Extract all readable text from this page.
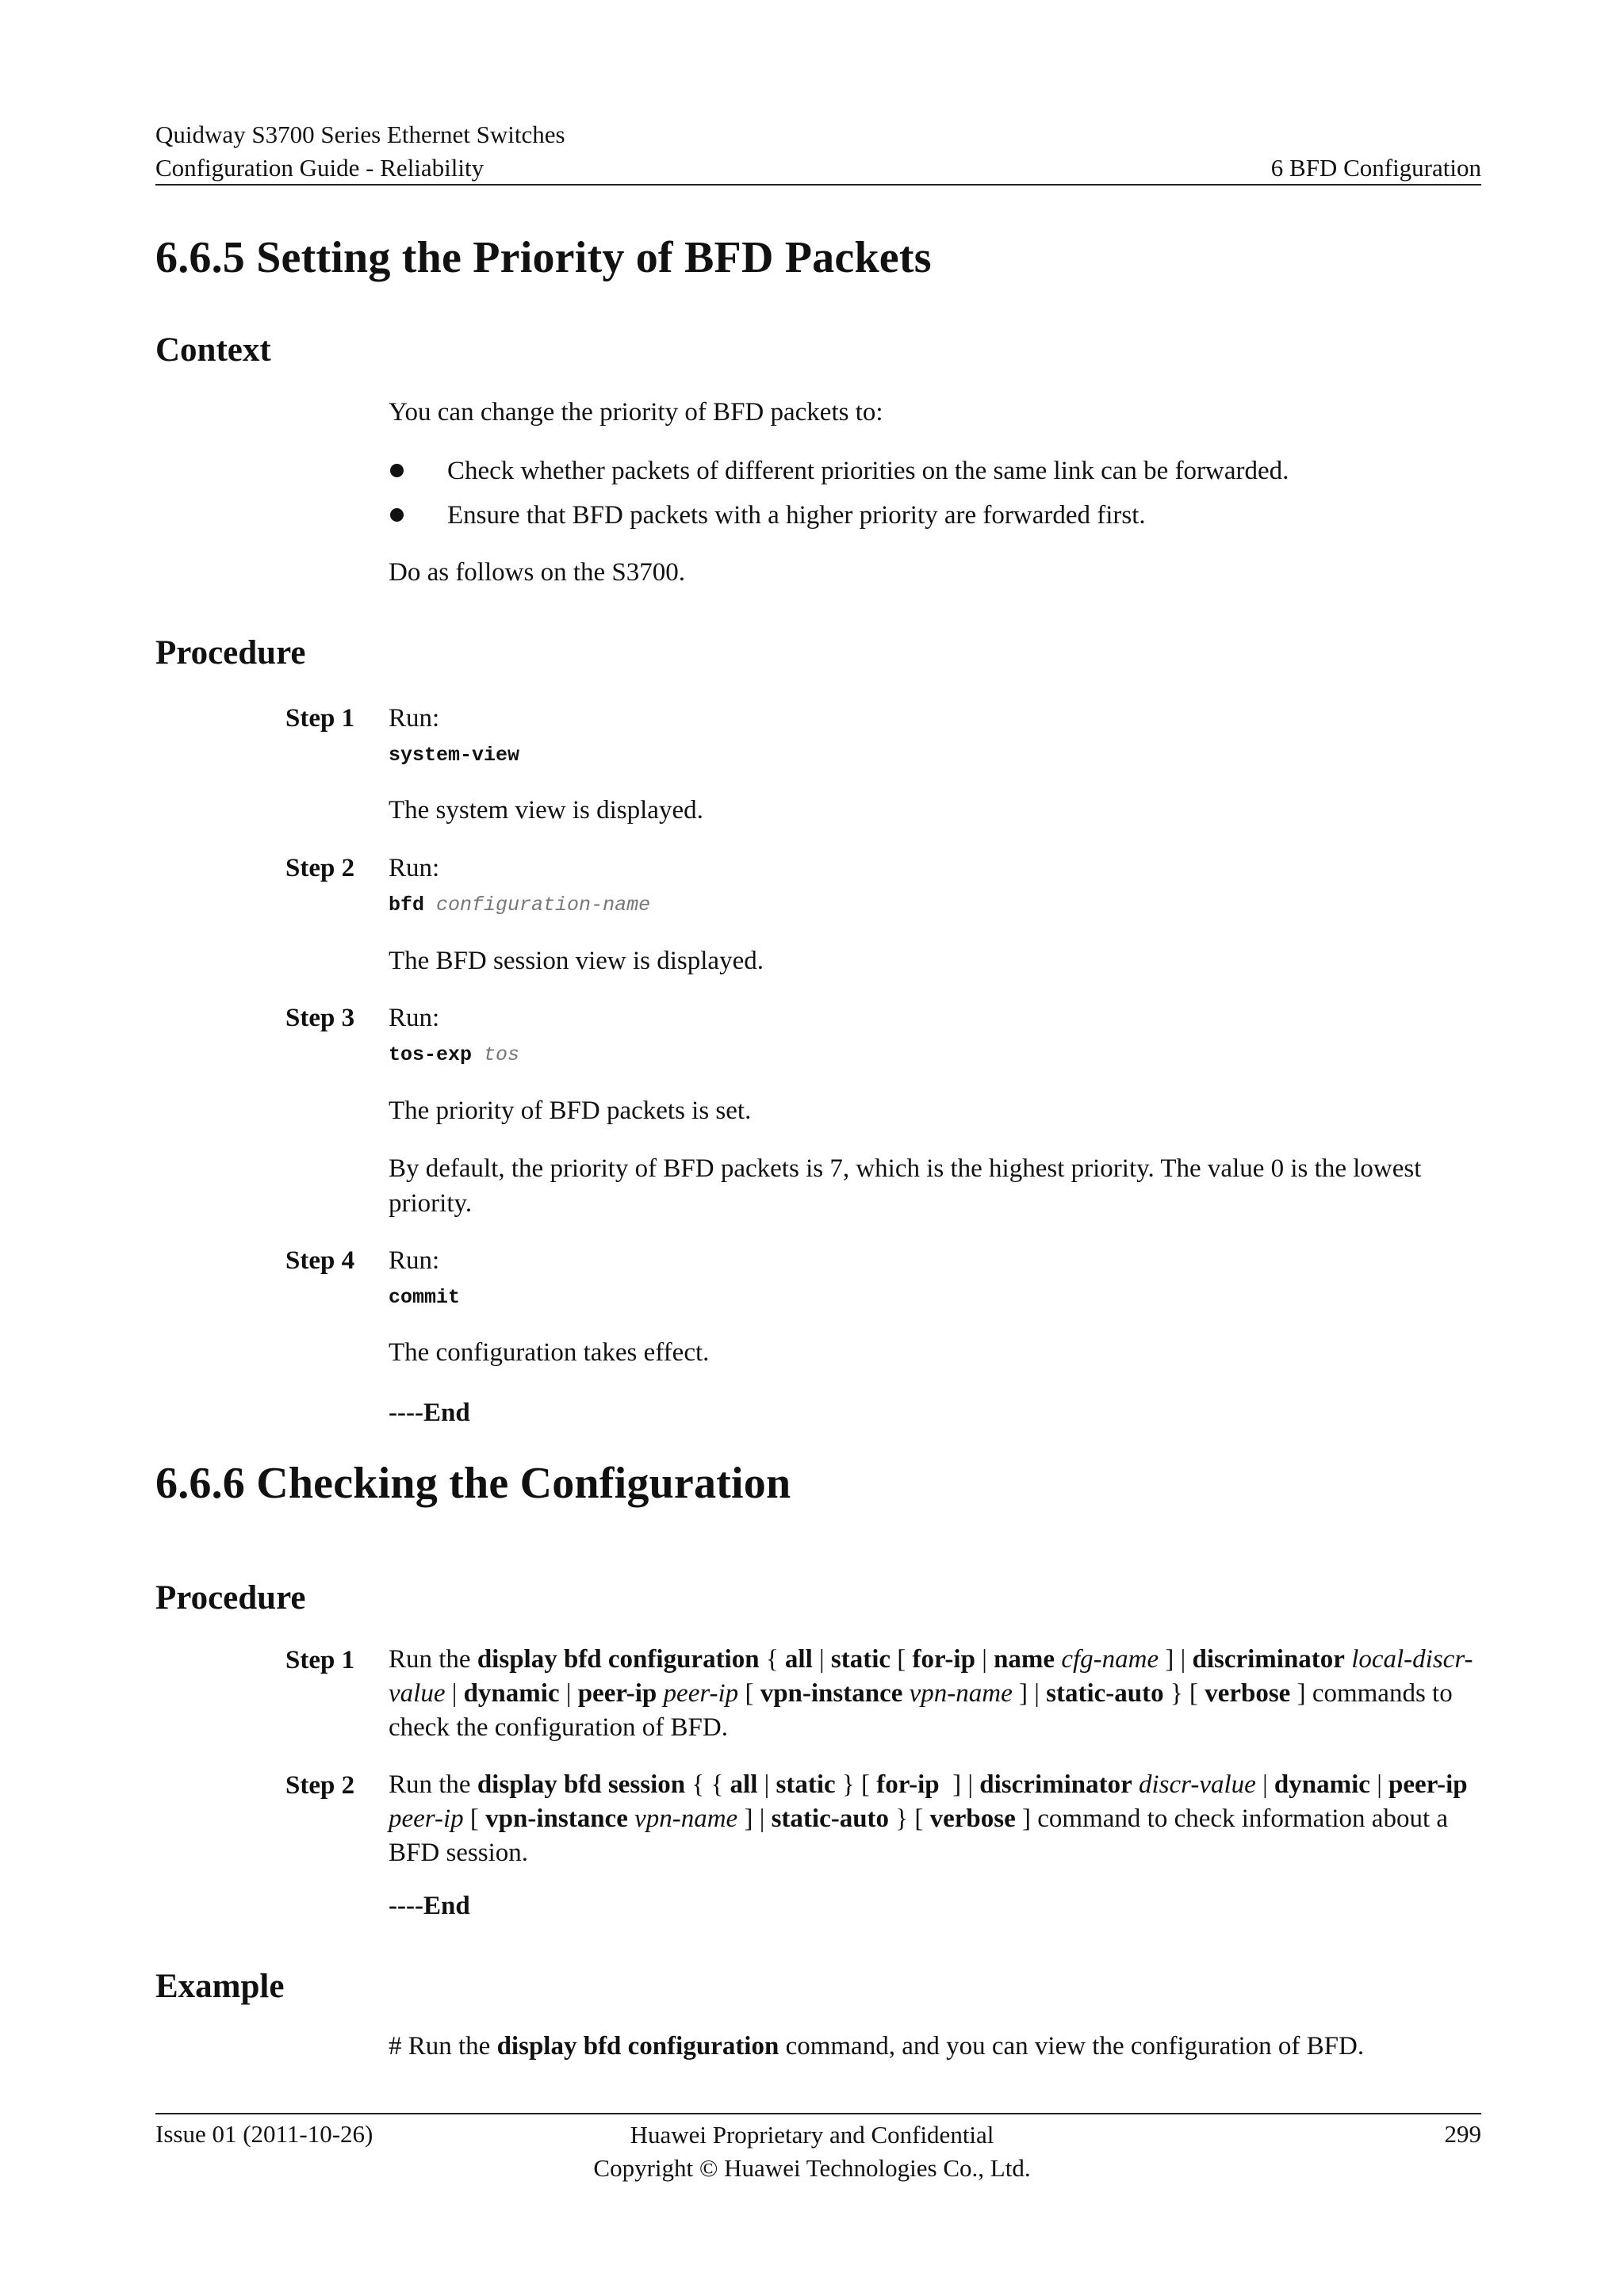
Quidway S3700 Series Ethernet Switches
Configuration Guide - Reliability	6 BFD Configuration
6.6.5 Setting the Priority of BFD Packets
Context
You can change the priority of BFD packets to:
Check whether packets of different priorities on the same link can be forwarded.
Ensure that BFD packets with a higher priority are forwarded first.
Do as follows on the S3700.
Procedure
Step 1 Run:
system-view
The system view is displayed.
Step 2 Run:
bfd configuration-name
The BFD session view is displayed.
Step 3 Run:
tos-exp tos
The priority of BFD packets is set.
By default, the priority of BFD packets is 7, which is the highest priority. The value 0 is the lowest priority.
Step 4 Run:
commit
The configuration takes effect.
----End
6.6.6 Checking the Configuration
Procedure
Step 1 Run the display bfd configuration { all | static [ for-ip | name cfg-name ] | discriminator local-discr-value | dynamic | peer-ip peer-ip [ vpn-instance vpn-name ] | static-auto } [ verbose ] commands to check the configuration of BFD.
Step 2 Run the display bfd session { { all | static } [ for-ip  ] | discriminator discr-value | dynamic | peer-ip peer-ip [ vpn-instance vpn-name ] | static-auto } [ verbose ] command to check information about a BFD session.
----End
Example
# Run the display bfd configuration command, and you can view the configuration of BFD.
Issue 01 (2011-10-26)	Huawei Proprietary and Confidential
Copyright © Huawei Technologies Co., Ltd.
299
